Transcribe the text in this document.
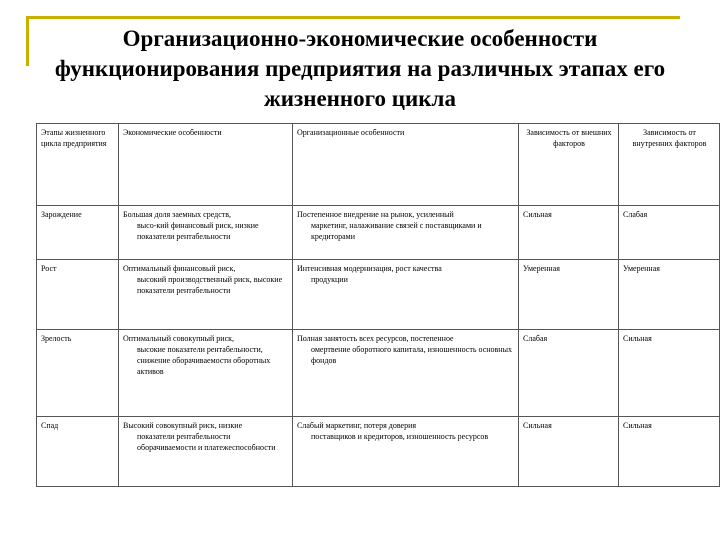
Организационно-экономические особенности
функционирования предприятия на различных этапах его
жизненного цикла
Этапы жизненного цикла предприятия	Экономические особенности	Организационные особенности	Зависимость от внешних факторов	Зависимость от внутренних факторов
Зарождение	Большая доля заемных средств,
высо-кий финансовый риск, низкие показатели рентабельности	Постепенное внедрение на рынок, усиленный
маркетинг, налаживание связей с поставщиками и кредиторами	Сильная	Слабая
Рост	Оптимальный финансовый риск,
высокий производственный риск, высокие показатели рентабельности	Интенсивная модернизация, рост качества
продукции	Умеренная	Умеренная
Зрелость	Оптимальный совокупный риск,
высокие показатели рентабельности, снижение оборачиваемости оборотных активов	Полная занятость всех ресурсов, постепенное
омертвение оборотного капитала, изношенность основных фондов	Слабая	Сильная
Спад	Высокий совокупный риск, низкие
показатели рентабельности оборачиваемости и платежеспособности	Слабый маркетинг, потеря доверия
поставщиков и кредиторов, изношенность ресурсов	Сильная	Сильная
